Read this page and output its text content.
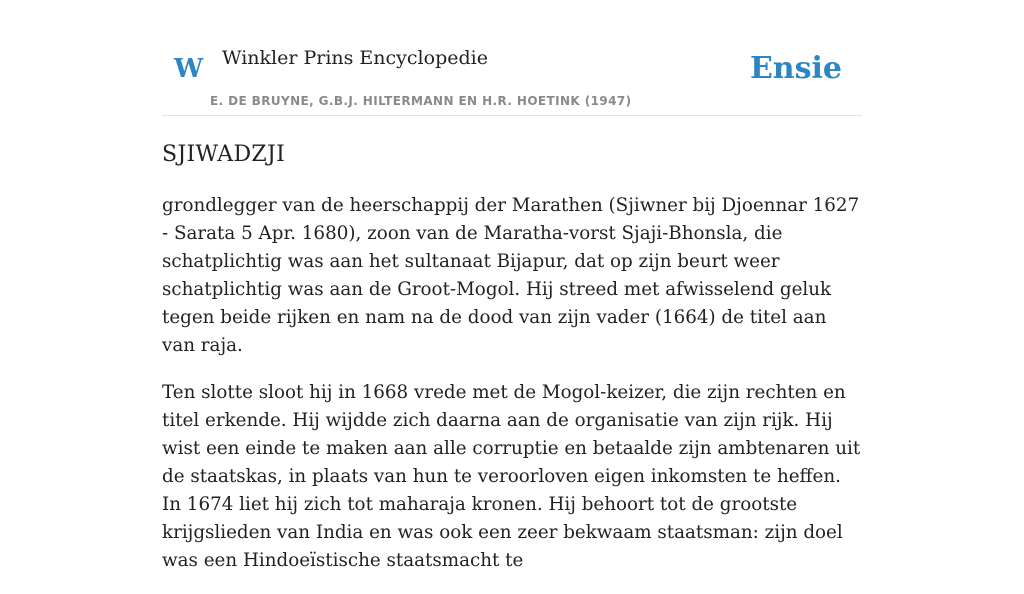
W Winkler Prins Encyclopedie
E. DE BRUYNE, G.B.J. HILTERMANN EN H.R. HOETINK (1947)
Ensie
SJIWADZJI

grondlegger van de heerschappij der Marathen (Sjiwner bij Djoennar 1627 - Sarata 5 Apr. 1680), zoon van de Maratha-vorst Sjaji-Bhonsla, die schatplichtig was aan het sultanaat Bijapur, dat op zijn beurt weer schatplichtig was aan de Groot-Mogol. Hij streed met afwisselend geluk tegen beide rijken en nam na de dood van zijn vader (1664) de titel aan van raja.

Ten slotte sloot hij in 1668 vrede met de Mogol-keizer, die zijn rechten en titel erkende. Hij wijdde zich daarna aan de organisatie van zijn rijk. Hij wist een einde te maken aan alle corruptie en betaalde zijn ambtenaren uit de staatskas, in plaats van hun te veroorloven eigen inkomsten te heffen. In 1674 liet hij zich tot maharaja kronen. Hij behoort tot de grootste krijgslieden van India en was ook een zeer bekwaam staatsman: zijn doel was een Hindoeïstische staatsmacht te
